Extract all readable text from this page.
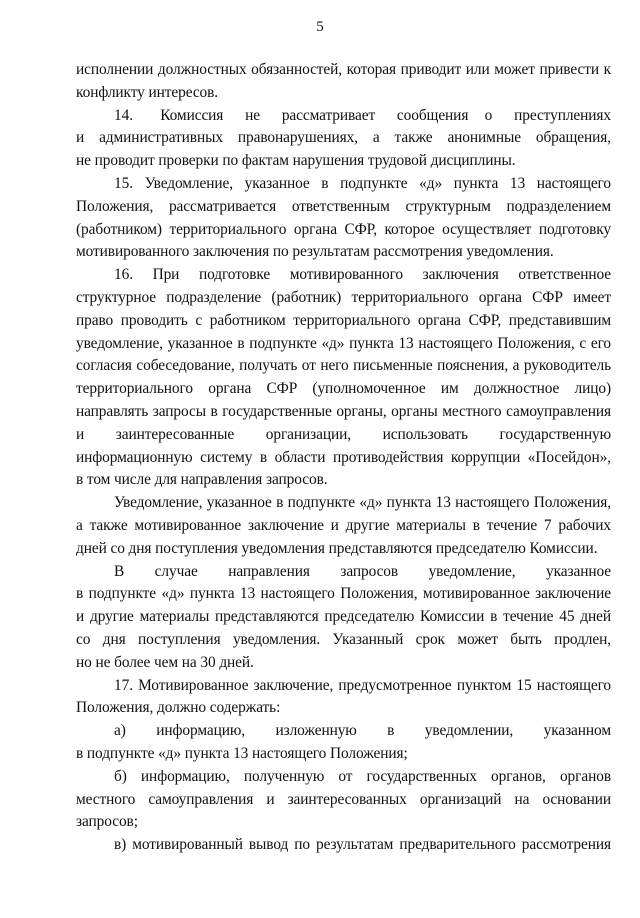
5

исполнении должностных обязанностей, которая приводит или может привести к

конфликту интересов.

14.     Комиссия    не    рассматривает    сообщения   о    преступлениях

и административных правонарушениях, а также анонимные обращения,

не проводит проверки по фактам нарушения трудовой дисциплины.

15. Уведомление, указанное в подпункте «д» пункта 13 настоящего

Положения, рассматривается ответственным структурным подразделением

(работником) территориального органа СФР, которое осуществляет подготовку

мотивированного заключения по результатам рассмотрения уведомления.

16.   При   подготовке   мотивированного   заключения   ответственное

структурное подразделение (работник) территориального органа СФР имеет

право проводить с работником территориального органа СФР, представившим

уведомление, указанное в подпункте «д» пункта 13 настоящего Положения, с его

согласия собеседование, получать от него письменные пояснения, а руководитель

территориального органа СФР (уполномоченное им должностное лицо)

направлять запросы в государственные органы, органы местного самоуправления

и   заинтересованные   организации,   использовать   государственную

информационную систему в области противодействия коррупции «Посейдон»,

в том числе для направления запросов.

Уведомление, указанное в подпункте «д» пункта 13 настоящего Положения,

а также мотивированное заключение и другие материалы в течение 7 рабочих

дней со дня поступления уведомления представляются председателю Комиссии.

В    случае    направления    запросов    уведомление,    указанное

в подпункте «д» пункта 13 настоящего Положения, мотивированное заключение

и другие материалы представляются председателю Комиссии в течение 45 дней

со дня поступления уведомления. Указанный срок может быть продлен,

но не более чем на 30 дней.

17. Мотивированное заключение, предусмотренное пунктом 15 настоящего

Положения, должно содержать:

а)     информацию,     изложенную     в     уведомлении,     указанном

в подпункте «д» пункта 13 настоящего Положения;

б) информацию, полученную от государственных органов, органов

местного самоуправления и заинтересованных организаций на основании

запросов;

в) мотивированный вывод по результатам предварительного рассмотрения
